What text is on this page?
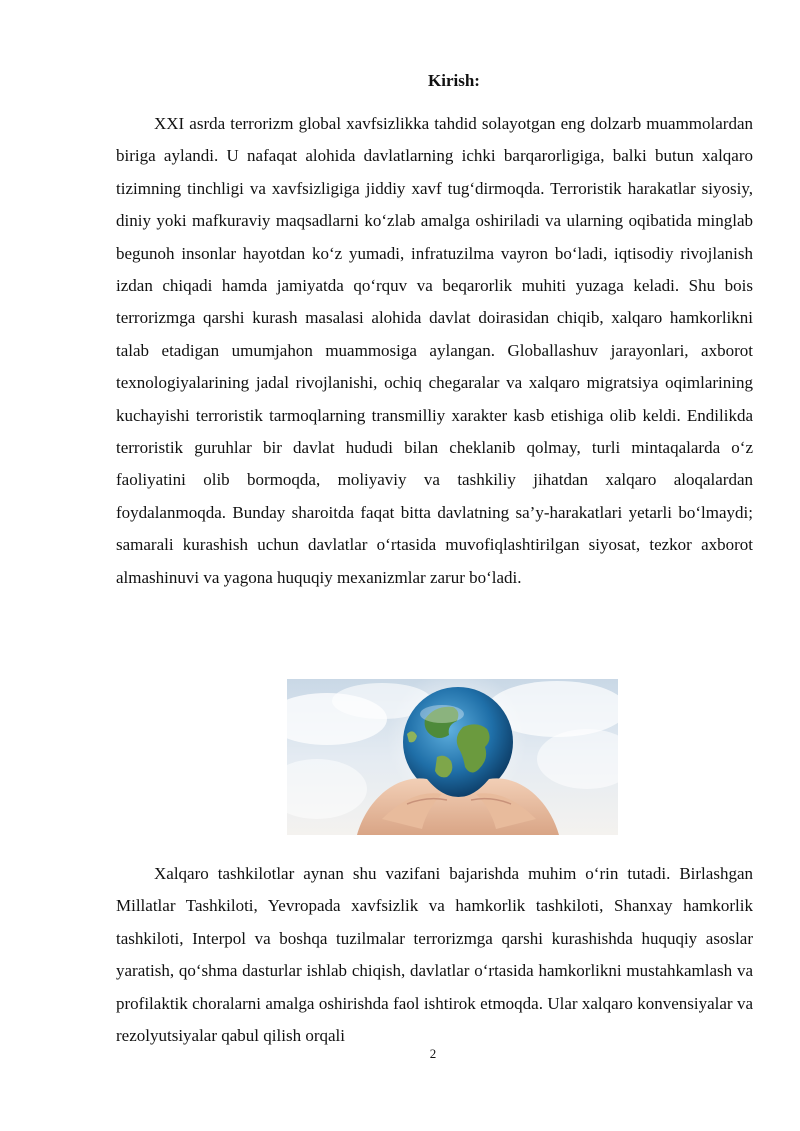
Kirish:

XXI asrda terrorizm global xavfsizlikka tahdid solayotgan eng dolzarb muammolardan biriga aylandi. U nafaqat alohida davlatlarning ichki barqarorligiga, balki butun xalqaro tizimning tinchligi va xavfsizligiga jiddiy xavf tug‘dirmoqda. Terroristik harakatlar siyosiy, diniy yoki mafkuraviy maqsadlarni ko‘zlab amalga oshiriladi va ularning oqibatida minglab begunoh insonlar hayotdan ko‘z yumadi, infratuzilma vayron bo‘ladi, iqtisodiy rivojlanish izdan chiqadi hamda jamiyatda qo‘rquv va beqarorlik muhiti yuzaga keladi. Shu bois terrorizmga qarshi kurash masalasi alohida davlat doirasidan chiqib, xalqaro hamkorlikni talab etadigan umumjahon muammosiga aylangan. Globallashuv jarayonlari, axborot texnologiyalarining jadal rivojlanishi, ochiq chegaralar va xalqaro migratsiya oqimlarining kuchayishi terroristik tarmoqlarning transmilliy xarakter kasb etishiga olib keldi. Endilikda terroristik guruhlar bir davlat hududi bilan cheklanib qolmay, turli mintaqalarda o‘z faoliyatini olib bormoqda, moliyaviy va tashkiliy jihatdan xalqaro aloqalardan foydalanmoqda. Bunday sharoitda faqat bitta davlatning sa’y-harakatlari yetarli bo‘lmaydi; samarali kurashish uchun davlatlar o‘rtasida muvofiqlashtirilgan siyosat, tezkor axborot almashinuvi va yagona huquqiy mexanizmlar zarur bo‘ladi.

Xalqaro tashkilotlar aynan shu vazifani bajarishda muhim o‘rin tutadi. Birlashgan Millatlar Tashkiloti, Yevropada xavfsizlik va hamkorlik tashkiloti, Shanxay hamkorlik tashkiloti, Interpol va boshqa tuzilmalar terrorizmga qarshi kurashishda huquqiy asoslar yaratish, qo‘shma dasturlar ishlab chiqish, davlatlar o‘rtasida hamkorlikni mustahkamlash va profilaktik choralarni amalga oshirishda faol ishtirok etmoqda. Ular xalqaro konvensiyalar va rezolyutsiyalar qabul qilish orqali

2
